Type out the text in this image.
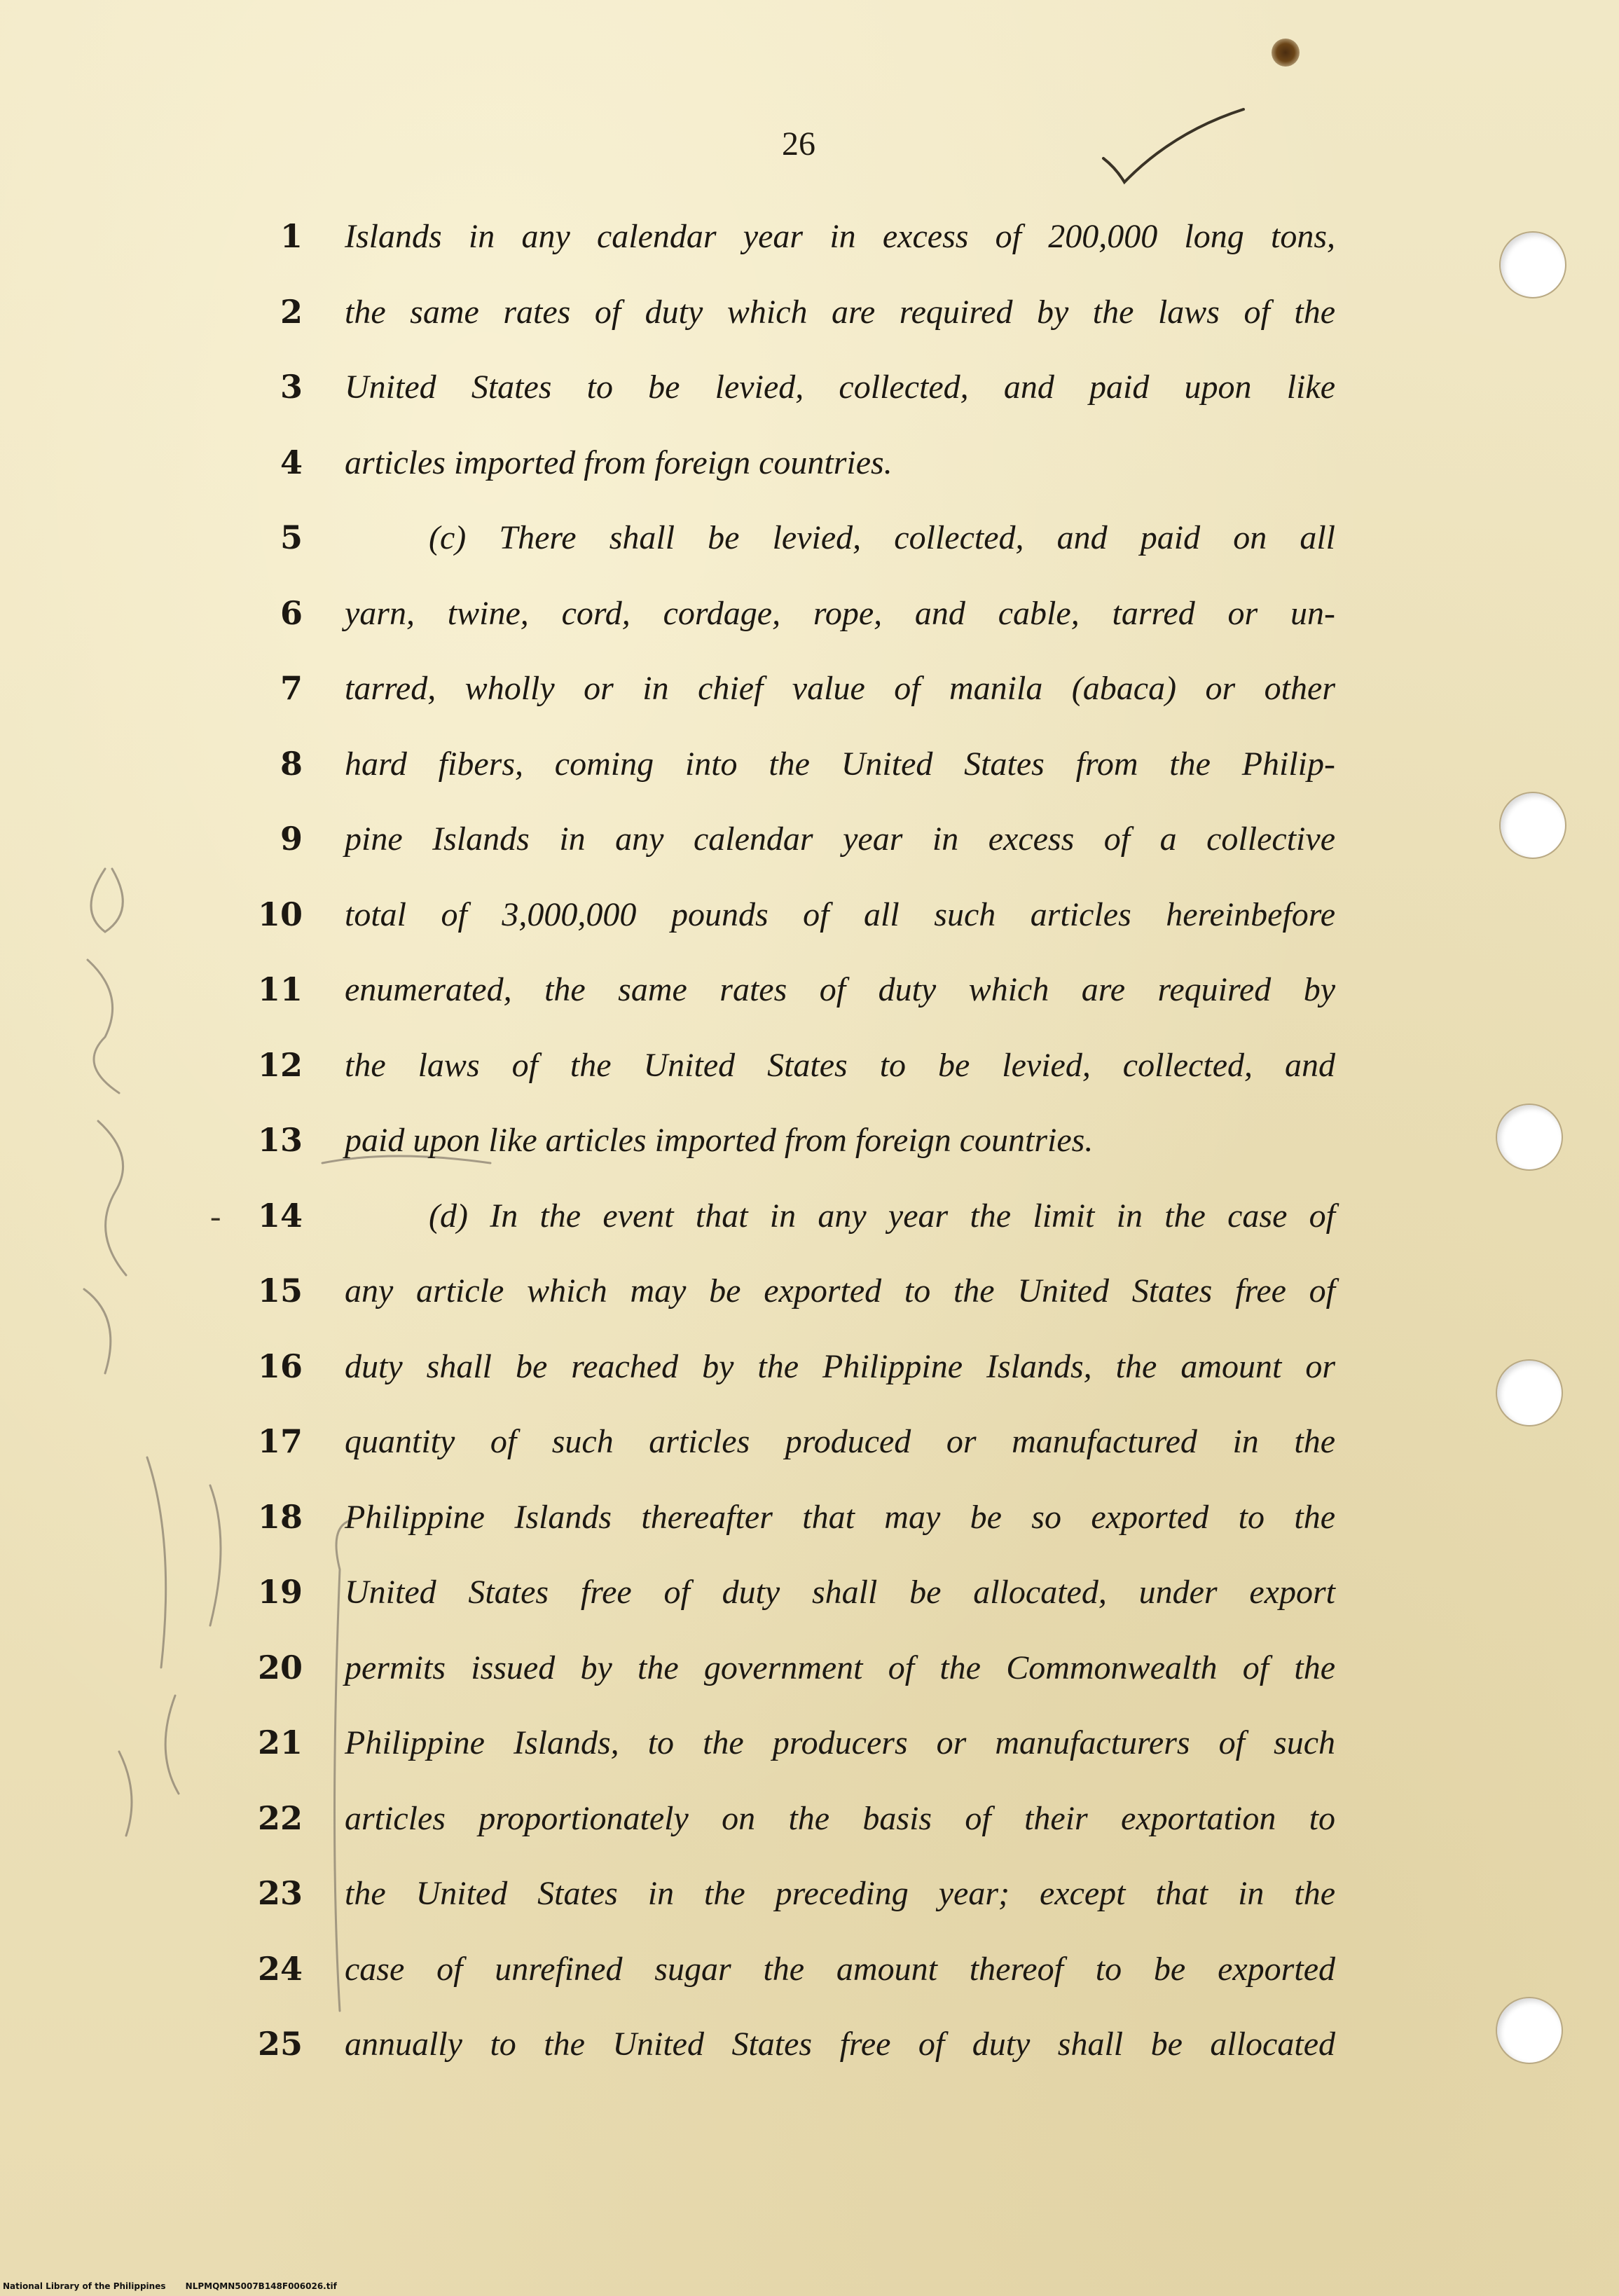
26
1 Islands in any calendar year in excess of 200,000 long tons,
2 the same rates of duty which are required by the laws of the
3 United States to be levied, collected, and paid upon like
4 articles imported from foreign countries.
5	(c) There shall be levied, collected, and paid on all
6 yarn, twine, cord, cordage, rope, and cable, tarred or un-
7 tarred, wholly or in chief value of manila (abaca) or other
8 hard fibers, coming into the United States from the Philip-
9 pine Islands in any calendar year in excess of a collective
10 total of 3,000,000 pounds of all such articles hereinbefore
11 enumerated, the same rates of duty which are required by
12 the laws of the United States to be levied, collected, and
13 paid upon like articles imported from foreign countries.
- 14	(d) In the event that in any year the limit in the case of
15 any article which may be exported to the United States free of
16 duty shall be reached by the Philippine Islands, the amount or
17 quantity of such articles produced or manufactured in the
18 Philippine Islands thereafter that may be so exported to the
19 United States free of duty shall be allocated, under export
20 permits issued by the government of the Commonwealth of the
21 Philippine Islands, to the producers or manufacturers of such
22 articles proportionately on the basis of their exportation to
23 the United States in the preceding year; except that in the
24 case of unrefined sugar the amount thereof to be exported
25 annually to the United States free of duty shall be allocated
National Library of the Philippines NLPMQMN5007B148F006026.tif
